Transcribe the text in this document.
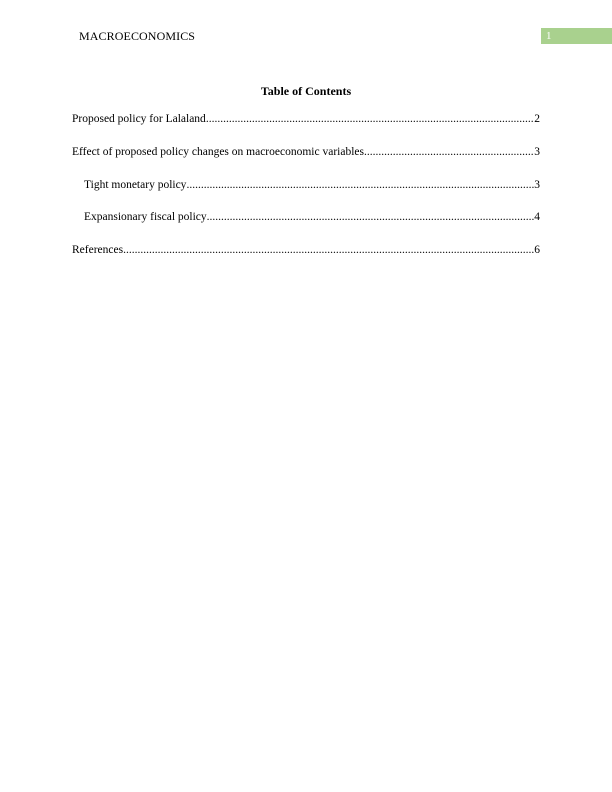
MACROECONOMICS	1
Table of Contents
Proposed policy for Lalaland .....	2
Effect of proposed policy changes on macroeconomic variables .....	3
Tight monetary policy .....	3
Expansionary fiscal policy .....	4
References .....	6
